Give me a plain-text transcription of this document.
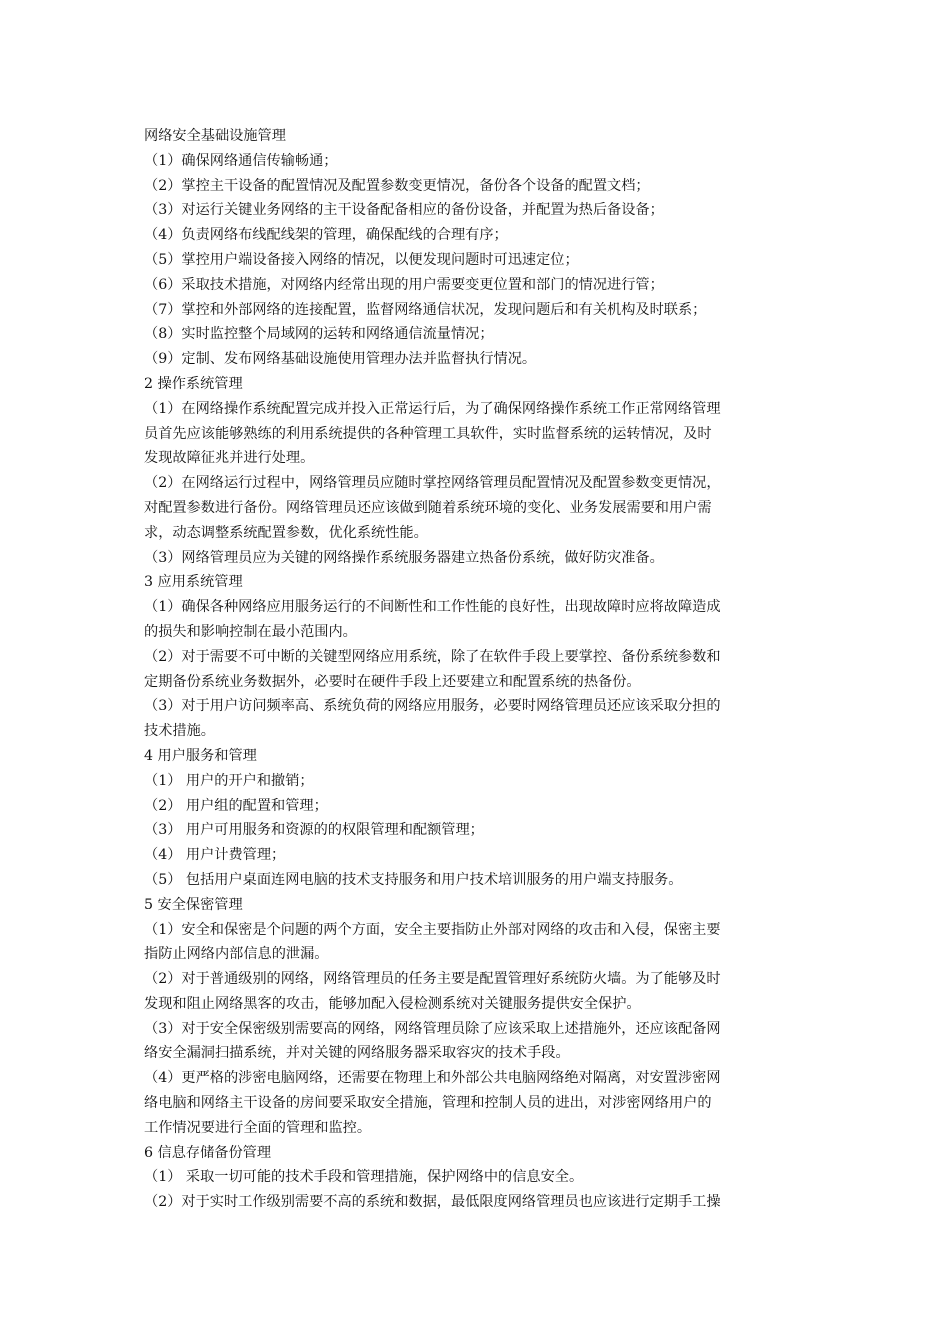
网络安全基础设施管理
（1）确保网络通信传输畅通；
（2）掌控主干设备的配置情况及配置参数变更情况，备份各个设备的配置文档；
（3）对运行关键业务网络的主干设备配备相应的备份设备，并配置为热后备设备；
（4）负责网络布线配线架的管理，确保配线的合理有序；
（5）掌控用户端设备接入网络的情况，以便发现问题时可迅速定位；
（6）采取技术措施，对网络内经常出现的用户需要变更位置和部门的情况进行管；
（7）掌控和外部网络的连接配置，监督网络通信状况，发现问题后和有关机构及时联系；
（8）实时监控整个局域网的运转和网络通信流量情况；
（9）定制、发布网络基础设施使用管理办法并监督执行情况。
2 操作系统管理
（1）在网络操作系统配置完成并投入正常运行后，为了确保网络操作系统工作正常网络管理
员首先应该能够熟练的利用系统提供的各种管理工具软件，实时监督系统的运转情况，及时
发现故障征兆并进行处理。
（2）在网络运行过程中，网络管理员应随时掌控网络管理员配置情况及配置参数变更情况，
对配置参数进行备份。网络管理员还应该做到随着系统环境的变化、业务发展需要和用户需
求，动态调整系统配置参数，优化系统性能。
（3）网络管理员应为关键的网络操作系统服务器建立热备份系统，做好防灾准备。
3 应用系统管理
（1）确保各种网络应用服务运行的不间断性和工作性能的良好性，出现故障时应将故障造成
的损失和影响控制在最小范围内。
（2）对于需要不可中断的关键型网络应用系统，除了在软件手段上要掌控、备份系统参数和
定期备份系统业务数据外，必要时在硬件手段上还要建立和配置系统的热备份。
（3）对于用户访问频率高、系统负荷的网络应用服务，必要时网络管理员还应该采取分担的
技术措施。
4 用户服务和管理
（1） 用户的开户和撤销；
（2） 用户组的配置和管理；
（3） 用户可用服务和资源的的权限管理和配额管理；
（4） 用户计费管理；
（5） 包括用户桌面连网电脑的技术支持服务和用户技术培训服务的用户端支持服务。
5 安全保密管理
（1）安全和保密是个问题的两个方面，安全主要指防止外部对网络的攻击和入侵，保密主要
指防止网络内部信息的泄漏。
（2）对于普通级别的网络，网络管理员的任务主要是配置管理好系统防火墙。为了能够及时
发现和阻止网络黑客的攻击，能够加配入侵检测系统对关键服务提供安全保护。
（3）对于安全保密级别需要高的网络，网络管理员除了应该采取上述措施外，还应该配备网
络安全漏洞扫描系统，并对关键的网络服务器采取容灾的技术手段。
（4）更严格的涉密电脑网络，还需要在物理上和外部公共电脑网络绝对隔离，对安置涉密网
络电脑和网络主干设备的房间要采取安全措施，管理和控制人员的进出，对涉密网络用户的
工作情况要进行全面的管理和监控。
6 信息存储备份管理
（1） 采取一切可能的技术手段和管理措施，保护网络中的信息安全。
（2）对于实时工作级别需要不高的系统和数据，最低限度网络管理员也应该进行定期手工操
